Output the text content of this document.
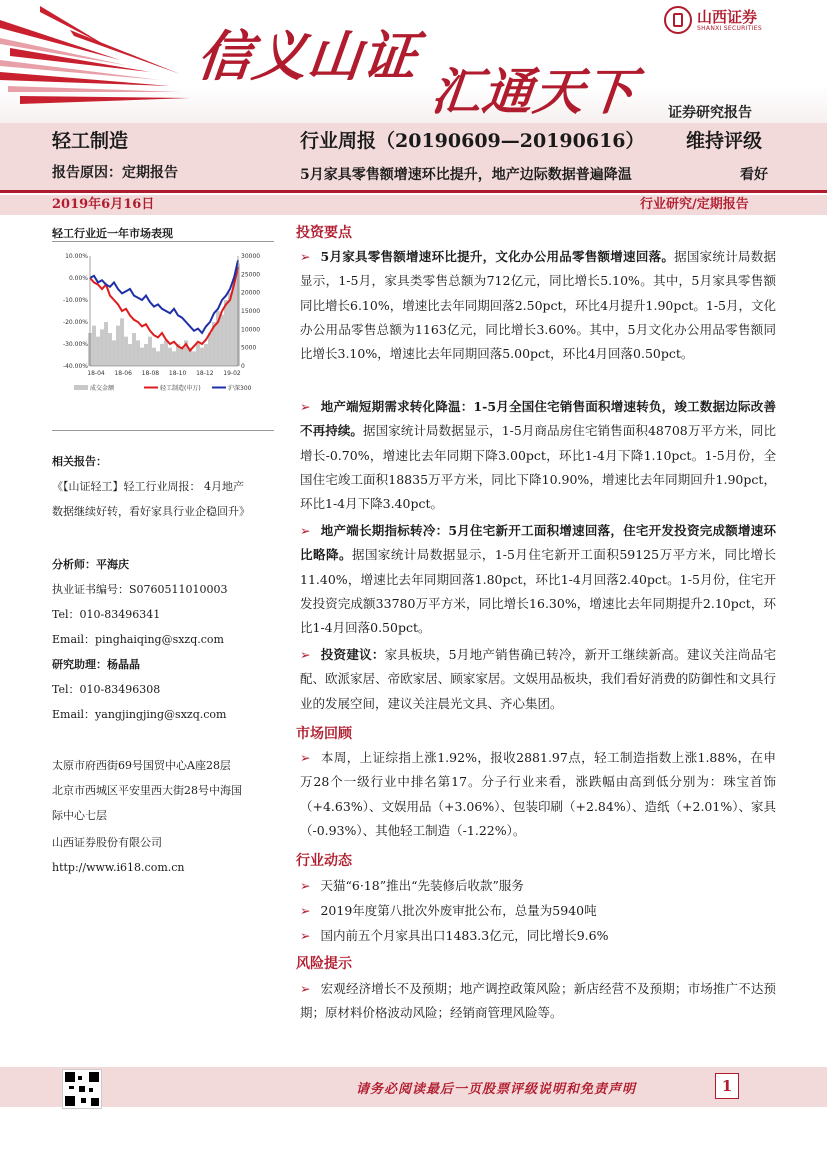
信义山证
汇通天下
山西证券
SHANXI SECURITIES
证券研究报告
轻工制造
报告原因：定期报告
行业周报（20190609—20190616） 维持评级
5月家具零售额增速环比提升，地产边际数据普遍降温	看好
2019年6月16日	行业研究/定期报告
轻工行业近一年市场表现
10.00%
0.00%
-10.00%
-20.00%
-30.00%
-40.00%
30000
25000
20000
15000
10000
5000
0
18-04 18-06 18-08 18-10 18-12 19-02
成交金额	轻工制造(申万)	沪深300
相关报告：
《【山证轻工】轻工行业周报： 4月地产
数据继续好转，看好家具行业企稳回升》
分析师：平海庆
执业证书编号：S0760511010003
Tel：010-83496341
Email：pinghaiqing@sxzq.com
研究助理：杨晶晶
Tel：010-83496308
Email：yangjingjing@sxzq.com
太原市府西街69号国贸中心A座28层
北京市西城区平安里西大街28号中海国
际中心七层
山西证券股份有限公司
http://www.i618.com.cn
投资要点
➢ 5月家具零售额增速环比提升，文化办公用品零售额增速回落。据国家统计局数据显示，1-5月，家具类零售总额为712亿元，同比增长5.10%。其中，5月家具零售额同比增长6.10%，增速比去年同期回落2.50pct，环比4月提升1.90pct。1-5月，文化办公用品零售总额为1163亿元，同比增长3.60%。其中，5月文化办公用品零售额同比增长3.10%，增速比去年同期回落5.00pct，环比4月回落0.50pct。
➢ 地产端短期需求转化降温：1-5月全国住宅销售面积增速转负，竣工数据边际改善不再持续。据国家统计局数据显示，1-5月商品房住宅销售面积48708万平方米，同比增长-0.70%，增速比去年同期下降3.00pct，环比1-4月下降1.10pct。1-5月份，全国住宅竣工面积18835万平方米，同比下降10.90%，增速比去年同期回升1.90pct，环比1-4月下降3.40pct。
➢ 地产端长期指标转冷：5月住宅新开工面积增速回落，住宅开发投资完成额增速环比略降。据国家统计局数据显示，1-5月住宅新开工面积59125万平方米，同比增长11.40%，增速比去年同期回落1.80pct，环比1-4月回落2.40pct。1-5月份，住宅开发投资完成额33780万平方米，同比增长16.30%，增速比去年同期提升2.10pct，环比1-4月回落0.50pct。
➢ 投资建议：家具板块，5月地产销售确已转冷，新开工继续新高。建议关注尚品宅配、欧派家居、帝欧家居、顾家家居。文娱用品板块，我们看好消费的防御性和文具行业的发展空间，建议关注晨光文具、齐心集团。
市场回顾
➢ 本周，上证综指上涨1.92%，报收2881.97点，轻工制造指数上涨1.88%，在申万28个一级行业中排名第17。分子行业来看，涨跌幅由高到低分别为：珠宝首饰（+4.63%）、文娱用品（+3.06%）、包装印刷（+2.84%）、造纸（+2.01%）、家具（-0.93%）、其他轻工制造（-1.22%）。
行业动态
➢ 天猫“6·18”推出“先装修后收款”服务
➢ 2019年度第八批次外废审批公布，总量为5940吨
➢ 国内前五个月家具出口1483.3亿元，同比增长9.6%
风险提示
➢ 宏观经济增长不及预期；地产调控政策风险；新店经营不及预期；市场推广不达预期；原材料价格波动风险；经销商管理风险等。
请务必阅读最后一页股票评级说明和免责声明	1
